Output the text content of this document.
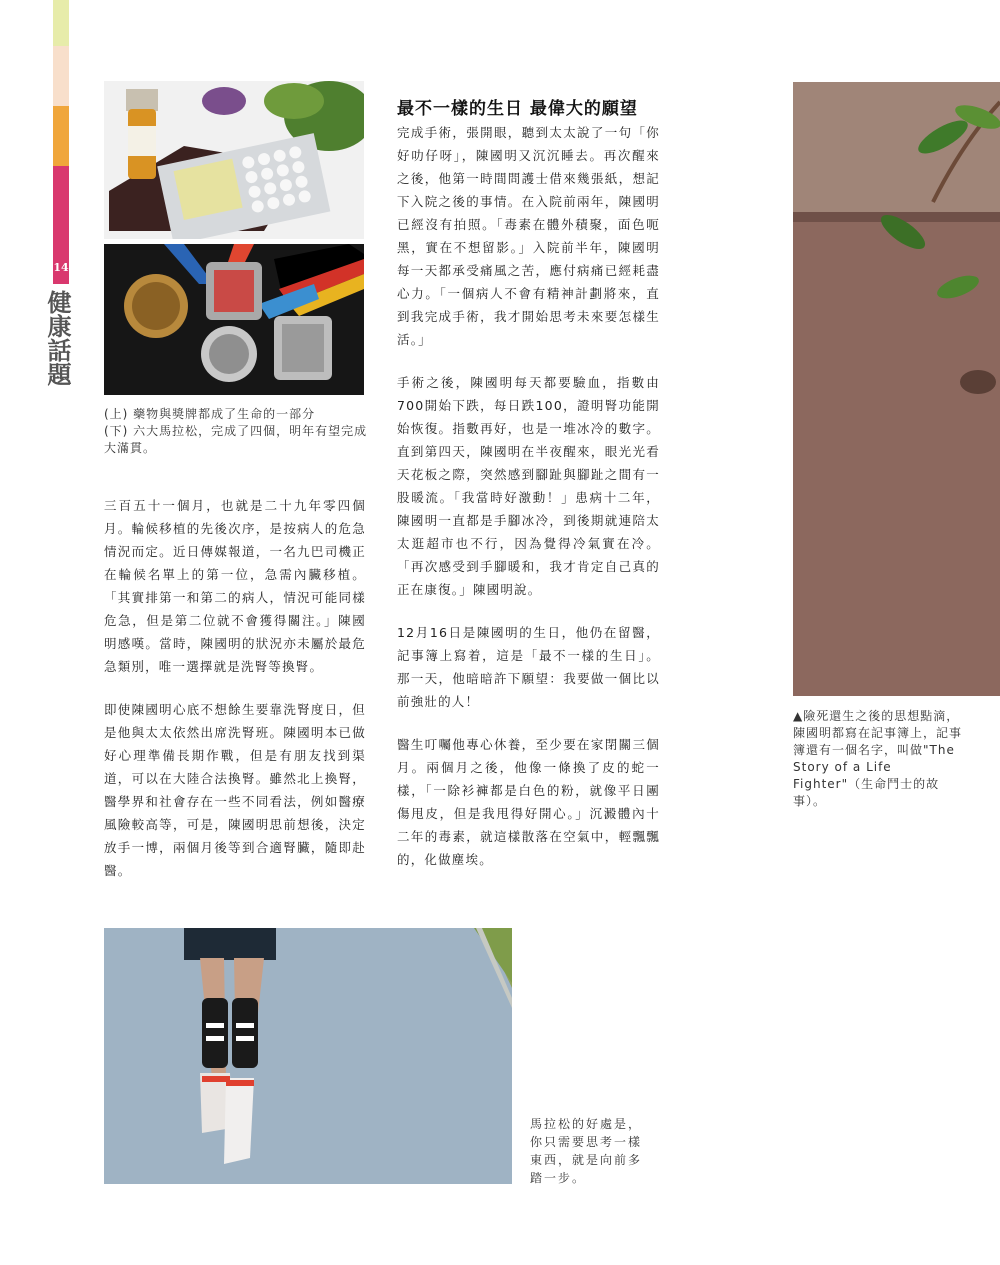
14
健康話題

(上) 藥物與獎牌都成了生命的一部分

(下) 六大馬拉松，完成了四個，明年有望完成大滿貫。

三百五十一個月，也就是二十九年零四個月。輪候移植的先後次序，是按病人的危急情況而定。近日傳媒報道，一名九巴司機正在輪候名單上的第一位，急需內臟移植。「其實排第一和第二的病人，情況可能同樣危急，但是第二位就不會獲得關注。」陳國明感嘆。當時，陳國明的狀況亦未屬於最危急類別，唯一選擇就是洗腎等換腎。

即使陳國明心底不想餘生要靠洗腎度日，但是他與太太依然出席洗腎班。陳國明本已做好心理準備長期作戰，但是有朋友找到渠道，可以在大陸合法換腎。雖然北上換腎，醫學界和社會存在一些不同看法，例如醫療風險較高等，可是，陳國明思前想後，決定放手一博，兩個月後等到合適腎臟，隨即赴醫。

最不一樣的生日 最偉大的願望

完成手術，張開眼，聽到太太說了一句「你好叻仔呀」，陳國明又沉沉睡去。再次醒來之後，他第一時間問護士借來幾張紙，想記下入院之後的事情。在入院前兩年，陳國明已經沒有拍照。「毒素在體外積聚，面色呃黑，實在不想留影。」入院前半年，陳國明每一天都承受痛風之苦，應付病痛已經耗盡心力。「一個病人不會有精神計劃將來，直到我完成手術，我才開始思考未來要怎樣生活。」

手術之後，陳國明每天都要驗血，指數由700開始下跌，每日跌100，證明腎功能開始恢復。指數再好，也是一堆冰冷的數字。直到第四天，陳國明在半夜醒來，眼光光看天花板之際，突然感到腳趾與腳趾之間有一股暖流。「我當時好激動！」患病十二年，陳國明一直都是手腳冰冷，到後期就連陪太太逛超市也不行，因為覺得冷氣實在冷。「再次感受到手腳暖和，我才肯定自己真的正在康復。」陳國明說。

12月16日是陳國明的生日，他仍在留醫，記事簿上寫着，這是「最不一樣的生日」。那一天，他暗暗許下願望：我要做一個比以前強壯的人！

醫生叮囑他專心休養，至少要在家閉關三個月。兩個月之後，他像一條換了皮的蛇一樣，「一除衫褲都是白色的粉，就像平日團傷甩皮，但是我甩得好開心。」沉澱體內十二年的毒素，就這樣散落在空氣中，輕飄飄的，化做塵埃。

▲險死還生之後的思想點滴，陳國明都寫在記事簿上，記事簿還有一個名字，叫做"The Story of a Life Fighter"（生命鬥士的故事）。

馬拉松的好處是，你只需要思考一樣東西，就是向前多踏一步。
